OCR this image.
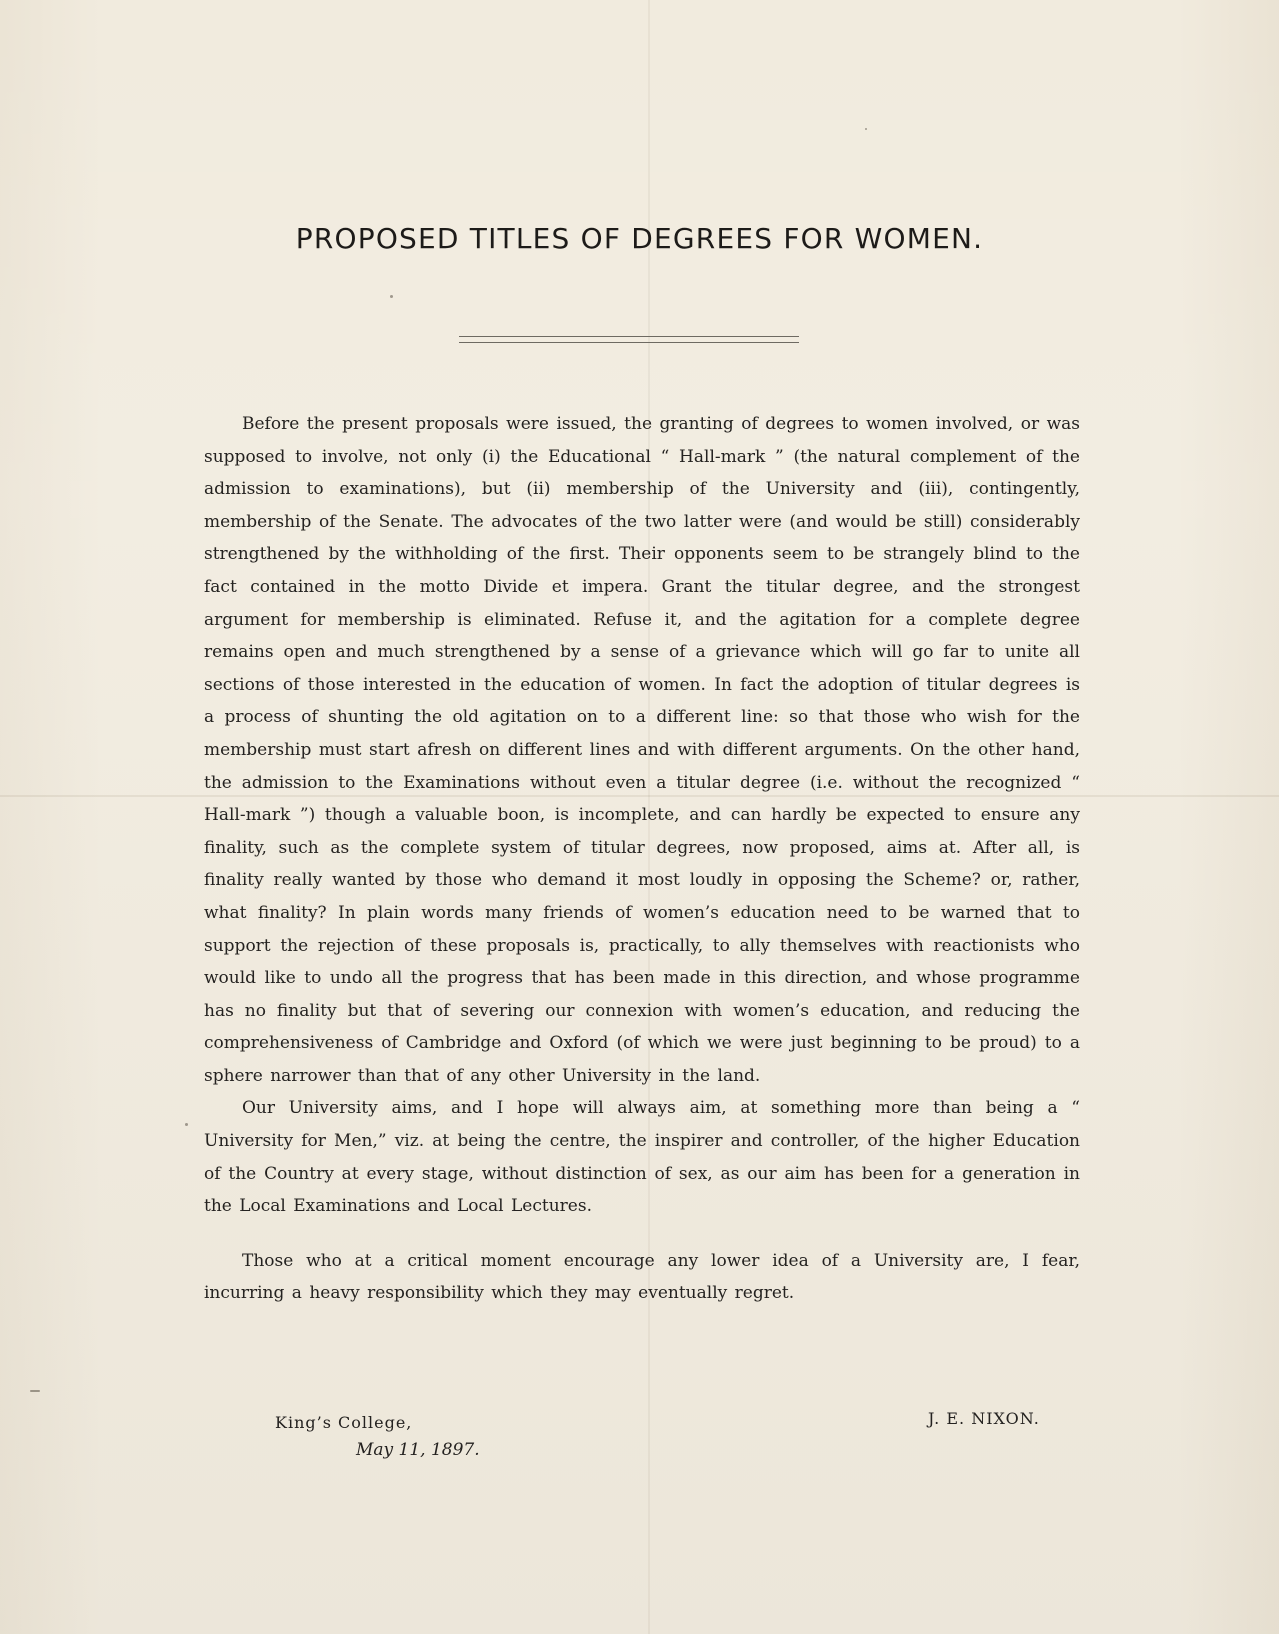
PROPOSED TITLES OF DEGREES FOR WOMEN.

Before the present proposals were issued, the granting of degrees to women involved, or was supposed to involve, not only (i) the Educational “ Hall-mark ” (the natural complement of the admission to examinations), but (ii) membership of the University and (iii), contingently, membership of the Senate. The advocates of the two latter were (and would be still) considerably strengthened by the withholding of the first. Their opponents seem to be strangely blind to the fact contained in the motto Divide et impera. Grant the titular degree, and the strongest argument for membership is eliminated. Refuse it, and the agitation for a complete degree remains open and much strengthened by a sense of a grievance which will go far to unite all sections of those interested in the education of women. In fact the adoption of titular degrees is a process of shunting the old agitation on to a different line: so that those who wish for the membership must start afresh on different lines and with different arguments. On the other hand, the admission to the Examinations without even a titular degree (i.e. without the recognized “ Hall-mark ”) though a valuable boon, is incomplete, and can hardly be expected to ensure any finality, such as the complete system of titular degrees, now proposed, aims at. After all, is finality really wanted by those who demand it most loudly in opposing the Scheme? or, rather, what finality? In plain words many friends of women’s education need to be warned that to support the rejection of these proposals is, practically, to ally themselves with reactionists who would like to undo all the progress that has been made in this direction, and whose programme has no finality but that of severing our connexion with women’s education, and reducing the comprehensiveness of Cambridge and Oxford (of which we were just beginning to be proud) to a sphere narrower than that of any other University in the land.

Our University aims, and I hope will always aim, at something more than being a “ University for Men,” viz. at being the centre, the inspirer and controller, of the higher Education of the Country at every stage, without distinction of sex, as our aim has been for a generation in the Local Examinations and Local Lectures.

Those who at a critical moment encourage any lower idea of a University are, I fear, incurring a heavy responsibility which they may eventually regret.

King’s College,
May 11, 1897.
J. E. NIXON.
